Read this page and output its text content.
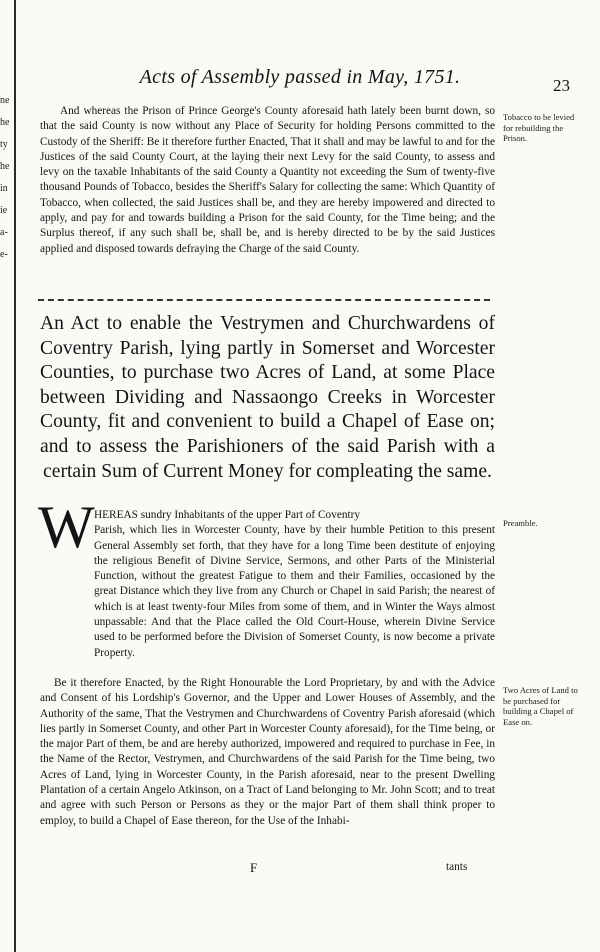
ne
he
ty
he
in
ie
a-
e-
Acts of Assembly passed in May, 1751.	23

And whereas the Prison of Prince George's County aforesaid hath lately been burnt down, so that the said County is now without any Place of Security for holding Persons committed to the Custody of the Sheriff: Be it therefore further Enacted, That it shall and may be lawful to and for the Justices of the said County Court, at the laying their next Levy for the said County, to assess and levy on the taxable Inhabitants of the said County a Quantity not exceeding the Sum of twenty-five thousand Pounds of Tobacco, besides the Sheriff's Salary for collecting the same: Which Quantity of Tobacco, when collected, the said Justices shall be, and they are hereby impowered and directed to apply, and pay for and towards building a Prison for the said County, for the Time being; and the Surplus thereof, if any such shall be, shall be, and is hereby directed to be by the said Justices applied and disposed towards defraying the Charge of the said County.

Tobacco to be levied for rebuilding the Prison.
An Act to enable the Vestrymen and Churchwardens of Coventry Parish, lying partly in Somerset and Worcester Counties, to purchase two Acres of Land, at some Place between Dividing and Nassaongo Creeks in Worcester County, fit and convenient to build a Chapel of Ease on; and to assess the Parishioners of the said Parish with a certain Sum of Current Money for compleating the same.
W HEREAS sundry Inhabitants of the upper Part of Coventry

Parish, which lies in Worcester County, have by their humble Petition to this present General Assembly set forth, that they have for a long Time been destitute of enjoying the religious Benefit of Divine Service, Sermons, and other Parts of the Ministerial Function, without the greatest Fatigue to them and their Families, occasioned by the great Distance which they live from any Church or Chapel in said Parish; the nearest of which is at least twenty-four Miles from some of them, and in Winter the Ways almost unpassable: And that the Place called the Old Court-House, wherein Divine Service used to be performed before the Division of Somerset County, is now become a private Property.

Preamble.

Be it therefore Enacted, by the Right Honourable the Lord Proprietary, by and with the Advice and Consent of his Lordship's Governor, and the Upper and Lower Houses of Assembly, and the Authority of the same, That the Vestrymen and Churchwardens of Coventry Parish aforesaid (which lies partly in Somerset County, and other Part in Worcester County aforesaid), for the Time being, or the major Part of them, be and are hereby authorized, impowered and required to purchase in Fee, in the Name of the Rector, Vestrymen, and Churchwardens of the said Parish for the Time being, two Acres of Land, lying in Worcester County, in the Parish aforesaid, near to the present Dwelling Plantation of a certain Angelo Atkinson, on a Tract of Land belonging to Mr. John Scott; and to treat and agree with such Person or Persons as they or the major Part of them shall think proper to employ, to build a Chapel of Ease thereon, for the Use of the Inhabi-

Two Acres of Land to be purchased for building a Chapel of Ease on.
F	tants
